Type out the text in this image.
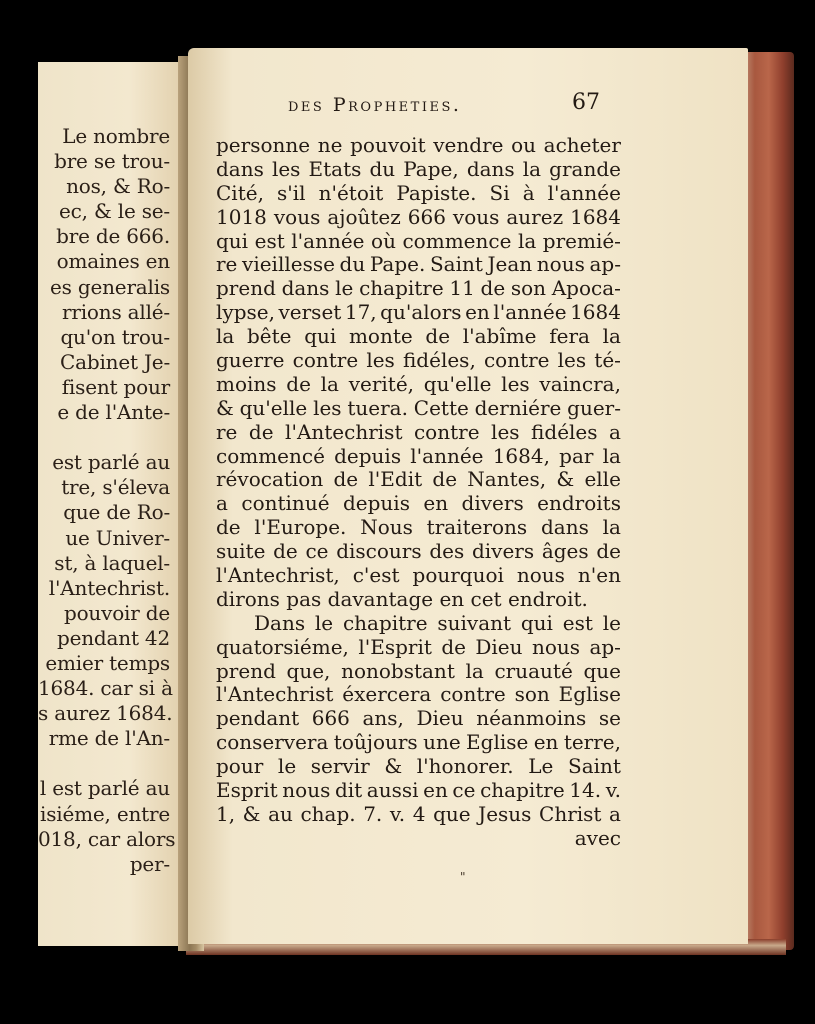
Le nombre
bre se trou-
nos, & Ro-
ec, & le se-
bre de 666.
omaines en
es generalis
rrions allé-
qu'on trou-
Cabinet Je-
fisent pour
e de l'Ante-
est parlé au
tre, s'éleva
que de Ro-
ue Univer-
st, à laquel-
l'Antechrist.
pouvoir de
pendant 42
emier temps
1684. car si à
s aurez 1684.
rme de l'An-
l est parlé au
isiéme, entre
018, car alors
per-
des Propheties.	67
personne ne pouvoit vendre ou acheter
dans les Etats du Pape, dans la grande
Cité, s'il n'étoit Papiste. Si à l'année
1018 vous ajoûtez 666 vous aurez 1684
qui est l'année où commence la premié-
re vieillesse du Pape. Saint Jean nous ap-
prend dans le chapitre 11 de son Apoca-
lypse, verset 17, qu'alors en l'année 1684
la bête qui monte de l'abîme fera la
guerre contre les fidéles, contre les té-
moins de la verité, qu'elle les vaincra,
& qu'elle les tuera. Cette derniére guer-
re de l'Antechrist contre les fidéles a
commencé depuis l'année 1684, par la
révocation de l'Edit de Nantes, & elle
a continué depuis en divers endroits
de l'Europe. Nous traiterons dans la
suite de ce discours des divers âges de
l'Antechrist, c'est pourquoi nous n'en
dirons pas davantage en cet endroit.
Dans le chapitre suivant qui est le
quatorsiéme, l'Esprit de Dieu nous ap-
prend que, nonobstant la cruauté que
l'Antechrist éxercera contre son Eglise
pendant 666 ans, Dieu néanmoins se
conservera toûjours une Eglise en terre,
pour le servir & l'honorer. Le Saint
Esprit nous dit aussi en ce chapitre 14. v.
1, & au chap. 7. v. 4 que Jesus Christ a
avec
"
